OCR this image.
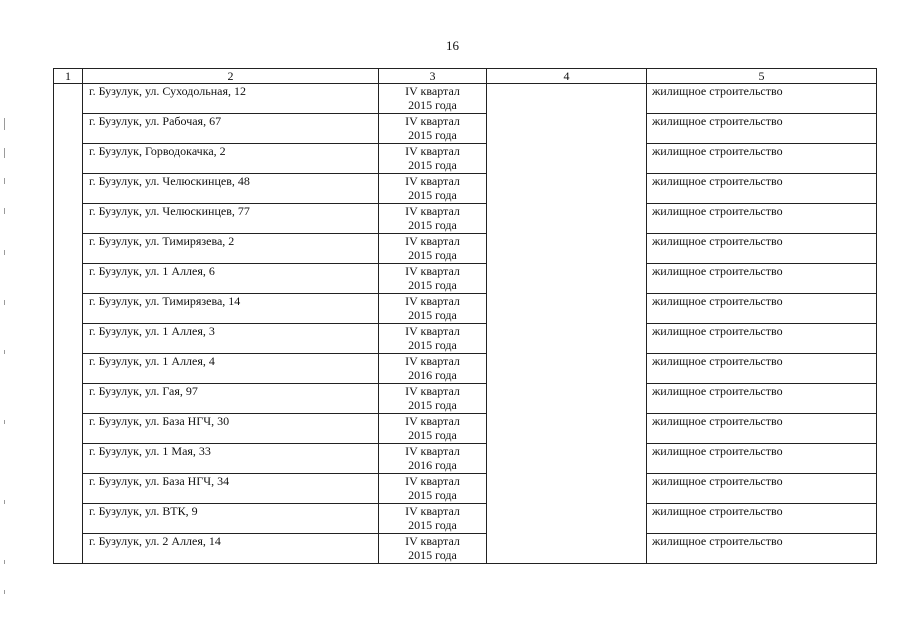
16
1	2	3	4	5
	г. Бузулук, ул. Суходольная, 12	IV квартал
2015 года		жилищное строительство
	г. Бузулук, ул. Рабочая, 67	IV квартал
2015 года		жилищное строительство
	г. Бузулук, Горводокачка, 2	IV квартал
2015 года		жилищное строительство
	г. Бузулук, ул. Челюскинцев, 48	IV квартал
2015 года		жилищное строительство
	г. Бузулук, ул. Челюскинцев, 77	IV квартал
2015 года		жилищное строительство
	г. Бузулук, ул. Тимирязева, 2	IV квартал
2015 года		жилищное строительство
	г. Бузулук, ул. 1 Аллея, 6	IV квартал
2015 года		жилищное строительство
	г. Бузулук, ул. Тимирязева, 14	IV квартал
2015 года		жилищное строительство
	г. Бузулук, ул. 1 Аллея, 3	IV квартал
2015 года		жилищное строительство
	г. Бузулук, ул. 1 Аллея, 4	IV квартал
2016 года		жилищное строительство
	г. Бузулук, ул. Гая, 97	IV квартал
2015 года		жилищное строительство
	г. Бузулук, ул. База НГЧ, 30	IV квартал
2015 года		жилищное строительство
	г. Бузулук, ул. 1 Мая, 33	IV квартал
2016 года		жилищное строительство
	г. Бузулук, ул. База НГЧ, 34	IV квартал
2015 года		жилищное строительство
	г. Бузулук, ул. ВТК, 9	IV квартал
2015 года		жилищное строительство
	г. Бузулук, ул. 2 Аллея, 14	IV квартал
2015 года		жилищное строительство
